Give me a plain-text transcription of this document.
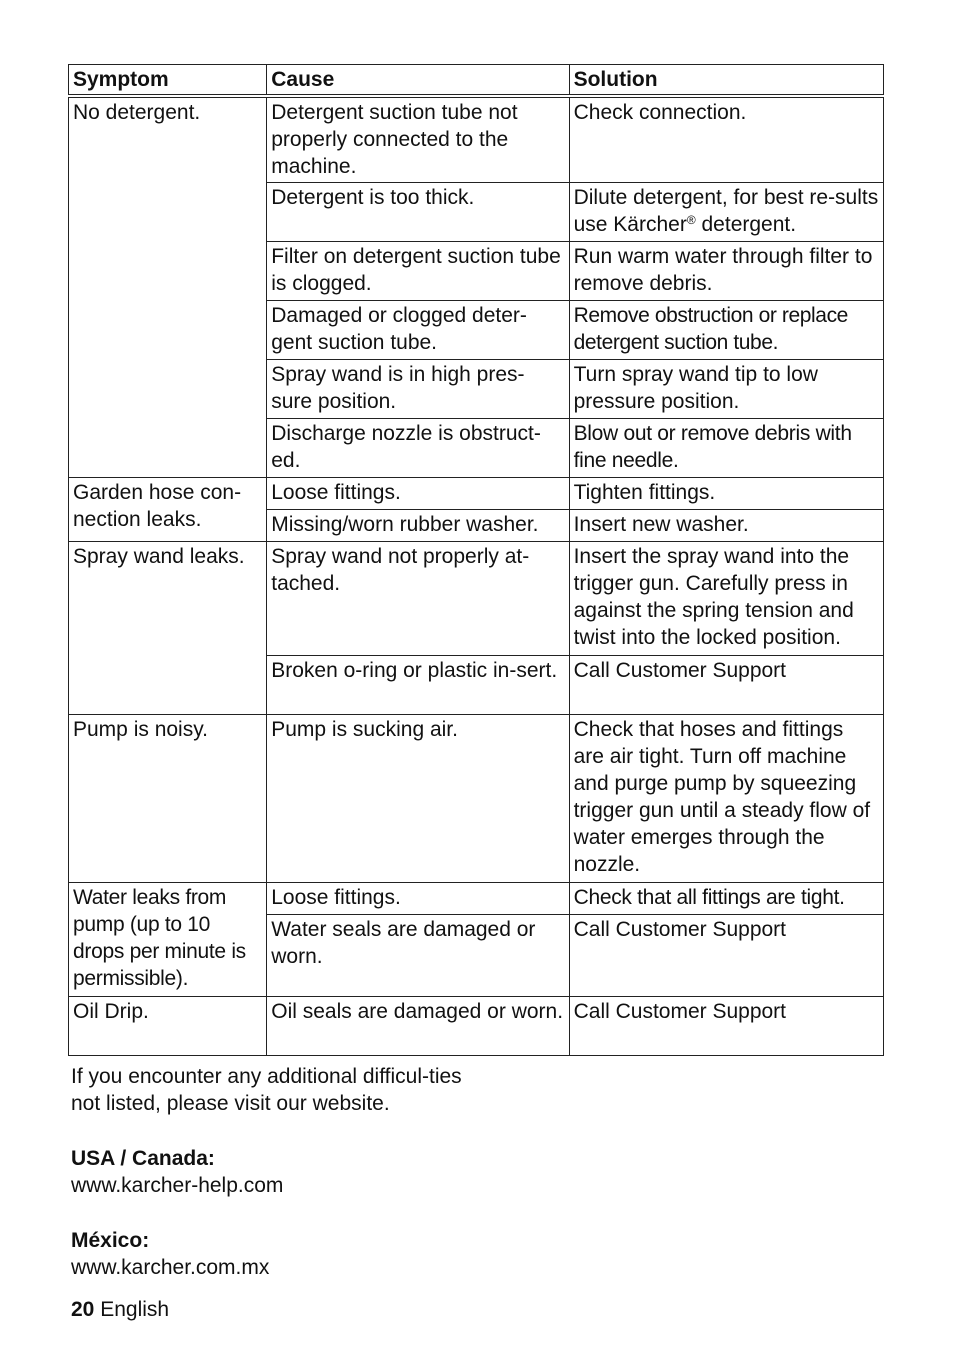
Symptom	Cause	Solution
No detergent.	Detergent suction tube not properly connected to the machine.	Check connection.
	Detergent is too thick.	Dilute detergent, for best re-sults use Kärcher® detergent.
	Filter on detergent suction tube is clogged.	Run warm water through filter to remove debris.
	Damaged or clogged deter-gent suction tube.	Remove obstruction or replace detergent suction tube.
	Spray wand is in high pres-sure position.	Turn spray wand tip to low pressure position.
	Discharge nozzle is obstruct-ed.	Blow out or remove debris with fine needle.
Garden hose con-nection leaks.	Loose fittings.	Tighten fittings.
	Missing/worn rubber washer.	Insert new washer.
Spray wand leaks.	Spray wand not properly at-tached.	Insert the spray wand into the trigger gun. Carefully press in against the spring tension and twist into the locked position.
	Broken o-ring or plastic in-sert.	Call Customer Support
Pump is noisy.	Pump is sucking air.	Check that hoses and fittings are air tight. Turn off machine and purge pump by squeezing trigger gun until a steady flow of water emerges through the nozzle.
Water leaks from pump (up to 10 drops per minute is permissible).	Loose fittings.	Check that all fittings are tight.
	Water seals are damaged or worn.	Call Customer Support
Oil Drip.	Oil seals are damaged or worn.	Call Customer Support
If you encounter any additional difficul-ties not listed, please visit our website.
USA / Canada:
www.karcher-help.com
México:
www.karcher.com.mx
20 English
